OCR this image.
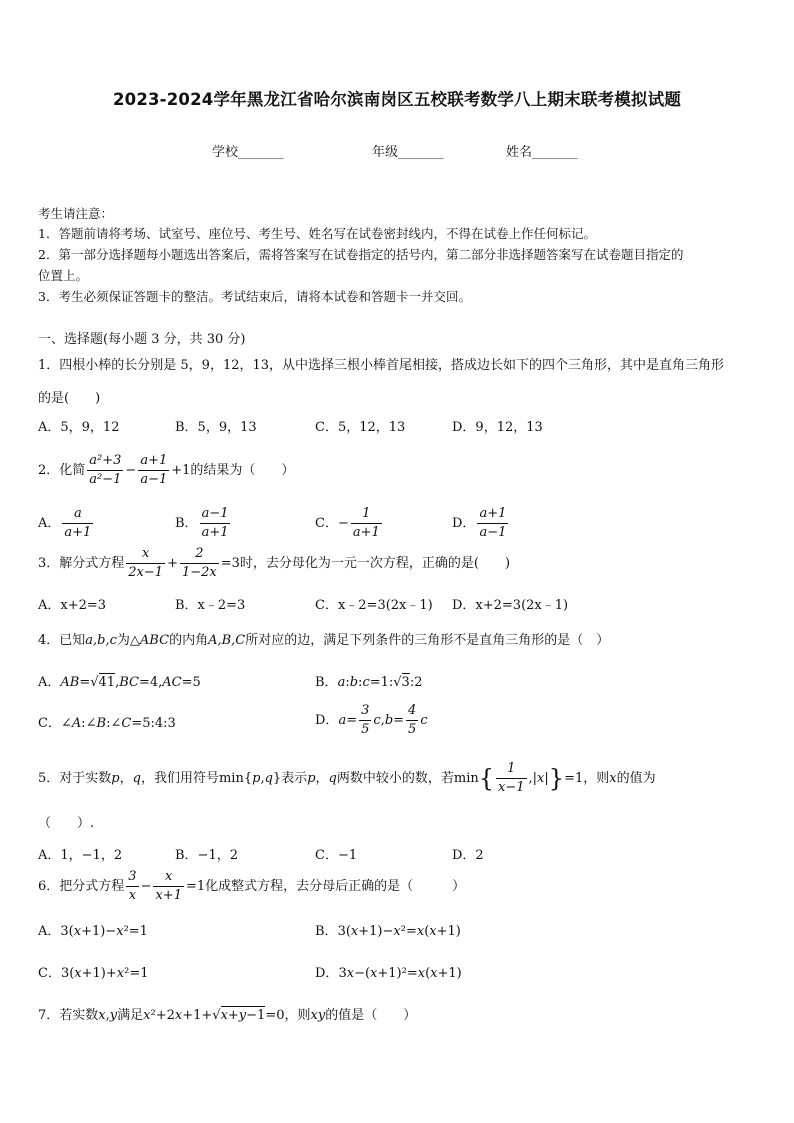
2023-2024学年黑龙江省哈尔滨南岗区五校联考数学八上期末联考模拟试题
学校_______	年级_______	姓名_______
考生请注意：
1．答题前请将考场、试室号、座位号、考生号、姓名写在试卷密封线内，不得在试卷上作任何标记。
2．第一部分选择题每小题选出答案后，需将答案写在试卷指定的括号内，第二部分非选择题答案写在试卷题目指定的
位置上。
3．考生必须保证答题卡的整洁。考试结束后，请将本试卷和答题卡一并交回。
一、选择题(每小题 3 分，共 30 分)
1．四根小棒的长分别是 5，9，12，13，从中选择三根小棒首尾相接，搭成边长如下的四个三角形，其中是直角三角形
的是(　　)
A．5，9，12	B．5，9，13	C．5，12，13	D．9，12，13
2．化简 $\frac{\text{a²+3}}{\text{a²−1}} - \frac{a+1}{a-1} +1$的结果为（　　）
A． $\frac{a}{a+1}$	B． $\frac{a-1}{a+1}$	C．− $\frac{1}{a+1}$	D． $\frac{a+1}{a-1}$
3．解分式方程 $\frac{x}{2x-1} + \frac{2}{1-2x} =3$时，去分母化为一元一次方程，正确的是(　　)
A．x+2=3	B．x﹣2=3	C．x﹣2=3(2x﹣1) D．x+2=3(2x﹣1)
4．已知a,b,c为△ABC的内角A,B,C所对应的边，满足下列条件的三角形不是直角三角形的是（　）
A．AB=√41,BC=4,AC=5	B．a:b:c=1:√3:2
C．∠A:∠B:∠C=5:4:3	D．$a= \frac{3}{5} c,b= \frac{4}{5}$ c
5．对于实数p，q，我们用符号min{p,q}表示p，q两数中较小的数，若$\min\{ \frac{1}{x-1} ,|x|\}=1$，则x的值为
（　　）.
A．1，−1，2	B．−1，2	C．−1	D．2
6．把分式方程 $\frac{3}{x} - \frac{x}{x+1} =1$化成整式方程，去分母后正确的是（　　　）
A．3(x+1)−x²=1	B．3(x+1)−x²=x(x+1)
C．3(x+1)+x²=1	D．3x−(x+1)²=x(x+1)
7．若实数x,y满足x²+2x+1+√x+y−1=0，则xy的值是（　　）
